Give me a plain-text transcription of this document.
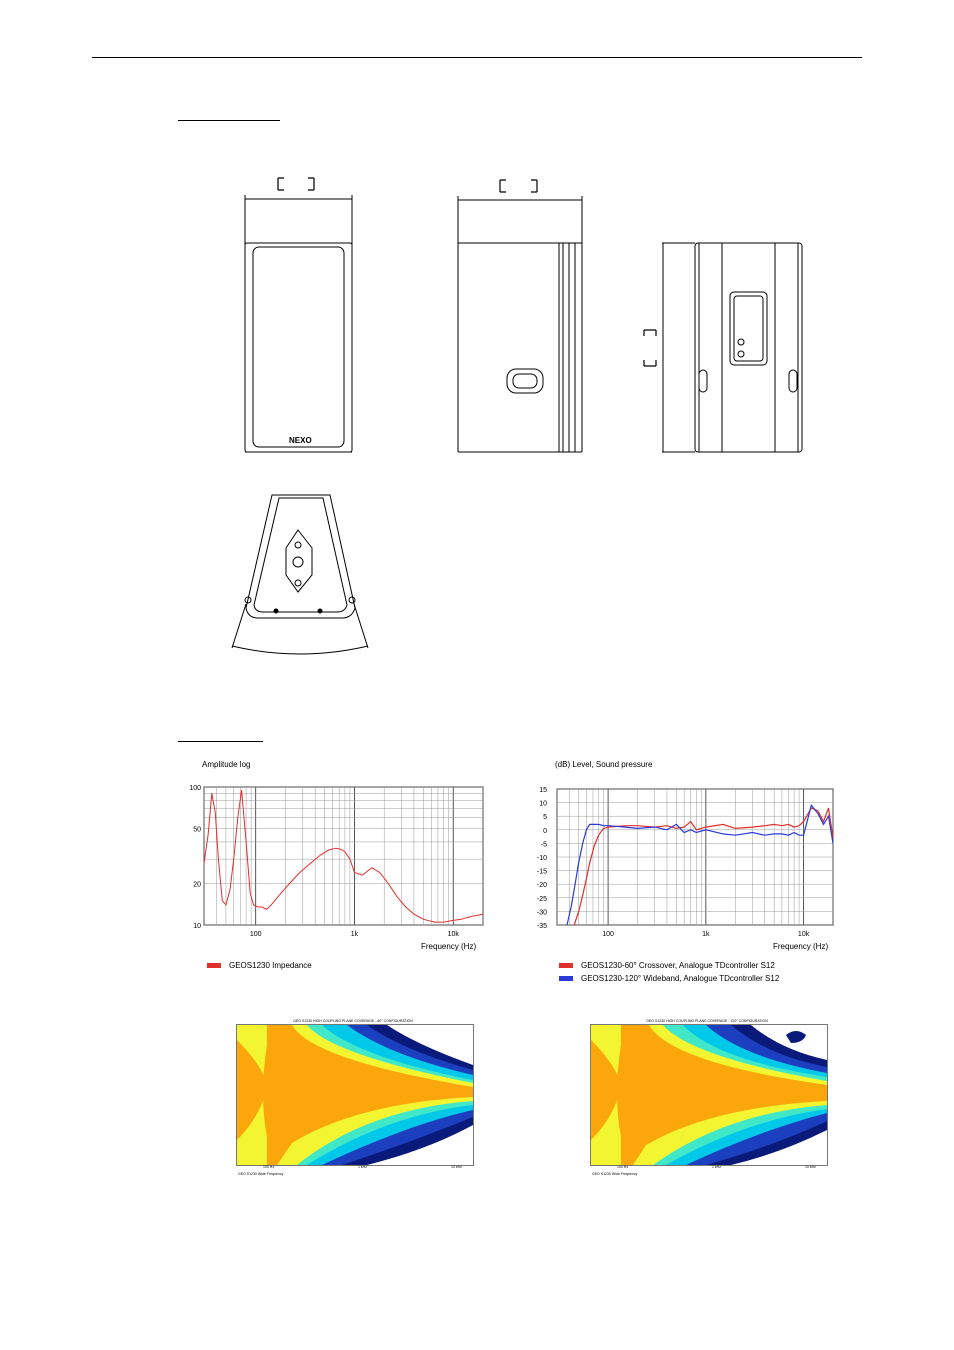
NEXO
Amplitude log
100
50
20
10
100	1k	10k
Frequency (Hz)
GEOS1230 Impedance
(dB) Level, Sound pressure
15
10
5
0
-5
-10
-15
-20
-25
-30
-35
100	1k	10k
Frequency (Hz)
GEOS1230-60° Crossover, Analogue TDcontroller S12
GEOS1230-120° Wideband, Analogue TDcontroller S12
GEO S1230 HIGH COUPLING PLANE COVERAGE - 60° CONFIGURATION
100 Hz	1 kHz	10 kHz
GEO S1230 Wide Frequency
GEO S1230 HIGH COUPLING PLANE COVERAGE - 120° CONFIGURATION
100 Hz	1 kHz	10 kHz
GEO S1230 Wide Frequency
